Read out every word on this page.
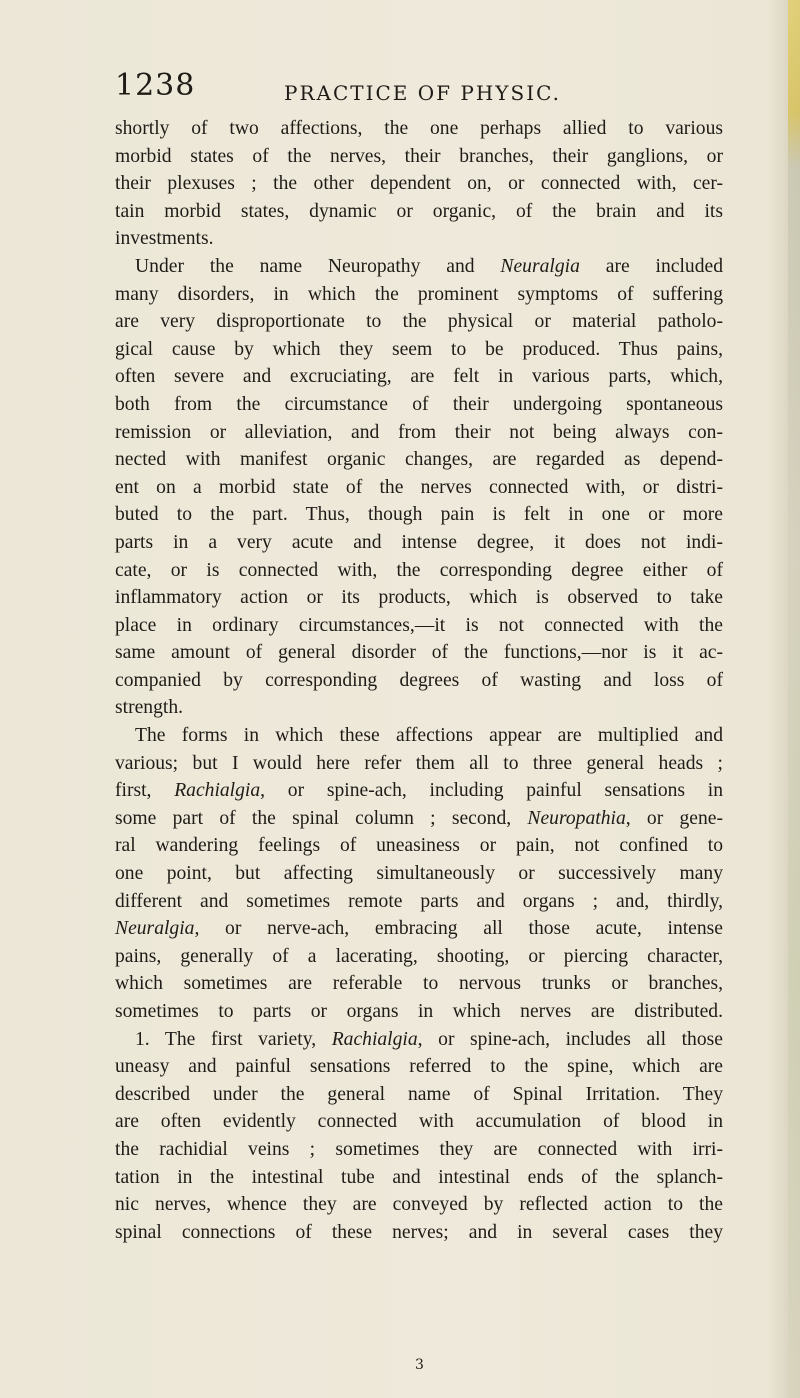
1238	PRACTICE OF PHYSIC.
shortly of two affections, the one perhaps allied to various
morbid states of the nerves, their branches, their ganglions, or
their plexuses ; the other dependent on, or connected with, cer-
tain morbid states, dynamic or organic, of the brain and its
investments.
Under the name Neuropathy and Neuralgia are included
many disorders, in which the prominent symptoms of suffering
are very disproportionate to the physical or material patholo-
gical cause by which they seem to be produced. Thus pains,
often severe and excruciating, are felt in various parts, which,
both from the circumstance of their undergoing spontaneous
remission or alleviation, and from their not being always con-
nected with manifest organic changes, are regarded as depend-
ent on a morbid state of the nerves connected with, or distri-
buted to the part. Thus, though pain is felt in one or more
parts in a very acute and intense degree, it does not indi-
cate, or is connected with, the corresponding degree either of
inflammatory action or its products, which is observed to take
place in ordinary circumstances,—it is not connected with the
same amount of general disorder of the functions,—nor is it ac-
companied by corresponding degrees of wasting and loss of
strength.
The forms in which these affections appear are multiplied and
various; but I would here refer them all to three general heads ;
first, Rachialgia, or spine-ach, including painful sensations in
some part of the spinal column ; second, Neuropathia, or gene-
ral wandering feelings of uneasiness or pain, not confined to
one point, but affecting simultaneously or successively many
different and sometimes remote parts and organs ; and, thirdly,
Neuralgia, or nerve-ach, embracing all those acute, intense
pains, generally of a lacerating, shooting, or piercing character,
which sometimes are referable to nervous trunks or branches,
sometimes to parts or organs in which nerves are distributed.
1. The first variety, Rachialgia, or spine-ach, includes all those
uneasy and painful sensations referred to the spine, which are
described under the general name of Spinal Irritation. They
are often evidently connected with accumulation of blood in
the rachidial veins ; sometimes they are connected with irri-
tation in the intestinal tube and intestinal ends of the splanch-
nic nerves, whence they are conveyed by reflected action to the
spinal connections of these nerves; and in several cases they
3
